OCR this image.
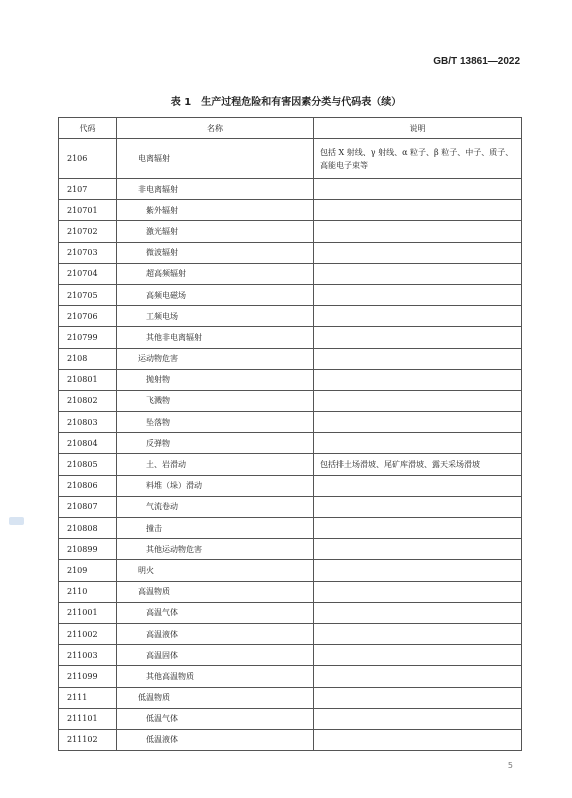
GB/T 13861—2022
表 1　生产过程危险和有害因素分类与代码表（续）
代码	名称	说明
2106	电离辐射	包括 X 射线、γ 射线、α 粒子、β 粒子、中子、质子、高能电子束等
2107	非电离辐射	
210701	紫外辐射	
210702	激光辐射	
210703	微波辐射	
210704	超高频辐射	
210705	高频电磁场	
210706	工频电场	
210799	其他非电离辐射	
2108	运动物危害	
210801	抛射物	
210802	飞溅物	
210803	坠落物	
210804	反弹物	
210805	土、岩滑动	包括排土场滑坡、尾矿库滑坡、露天采场滑坡
210806	料堆（垛）滑动	
210807	气流卷动	
210808	撞击	
210899	其他运动物危害	
2109	明火	
2110	高温物质	
211001	高温气体	
211002	高温液体	
211003	高温固体	
211099	其他高温物质	
2111	低温物质	
211101	低温气体	
211102	低温液体	
5
